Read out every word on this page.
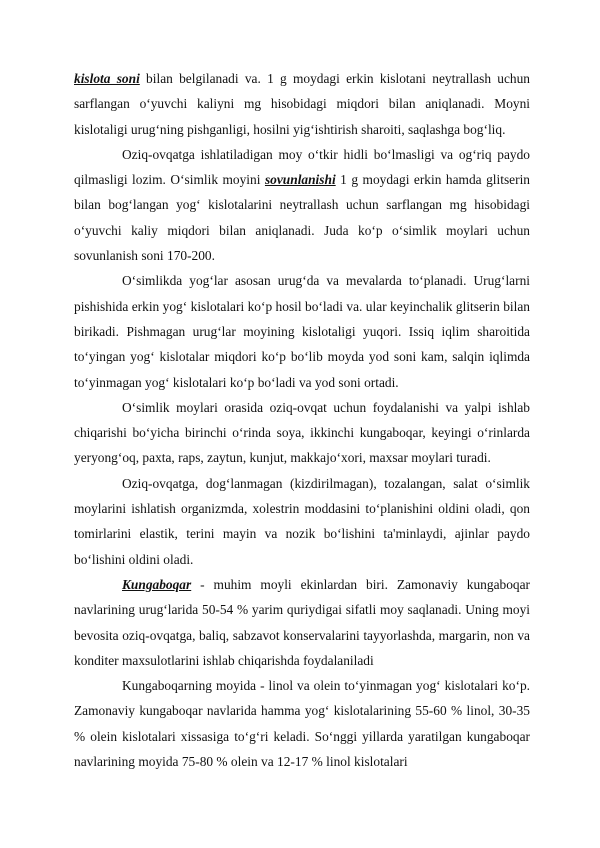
kislota soni bilan belgilanadi va. 1 g moydagi erkin kislotani neytrallash uchun sarflangan o‘yuvchi kaliyni mg hisobidagi miqdori bilan aniqlanadi. Moyni kislotaligi urug‘ning pishganligi, hosilni yig‘ishtirish sharoiti, saqlashga bog‘liq.

Oziq-ovqatga ishlatiladigan moy o‘tkir hidli bo‘lmasligi va og‘riq paydo qilmasligi lozim. O‘simlik moyini sovunlanishi 1 g moydagi erkin hamda glitserin bilan bog‘langan yog‘ kislotalarini neytrallash uchun sarflangan mg hisobidagi o‘yuvchi kaliy miqdori bilan aniqlanadi. Juda ko‘p o‘simlik moylari uchun sovunlanish soni 170-200.

O‘simlikda yog‘lar asosan urug‘da va mevalarda to‘planadi. Urug‘larni pishishida erkin yog‘ kislotalari ko‘p hosil bo‘ladi va. ular keyinchalik glitserin bilan birikadi. Pishmagan urug‘lar moyining kislotaligi yuqori. Issiq iqlim sharoitida to‘yingan yog‘ kislotalar miqdori ko‘p bo‘lib moyda yod soni kam, salqin iqlimda to‘yinmagan yog‘ kislotalari ko‘p bo‘ladi va yod soni ortadi.

O‘simlik moylari orasida oziq-ovqat uchun foydalanishi va yalpi ishlab chiqarishi bo‘yicha birinchi o‘rinda soya, ikkinchi kungaboqar, keyingi o‘rinlarda yeryong‘oq, paxta, raps, zaytun, kunjut, makkajo‘xori, maxsar moylari turadi.

Oziq-ovqatga, dog‘lanmagan (kizdirilmagan), tozalangan, salat o‘simlik moylarini ishlatish organizmda, xolestrin moddasini to‘planishini oldini oladi, qon tomirlarini elastik, terini mayin va nozik bo‘lishini ta'minlaydi, ajinlar paydo bo‘lishini oldini oladi.

Kungaboqar - muhim moyli ekinlardan biri. Zamonaviy kungaboqar navlarining urug‘larida 50-54 % yarim quriydigai sifatli moy saqlanadi. Uning moyi bevosita oziq-ovqatga, baliq, sabzavot konservalarini tayyorlashda, margarin, non va konditer maxsulotlarini ishlab chiqarishda foydalaniladi

Kungaboqarning moyida - linol va olein to‘yinmagan yog‘ kislotalari ko‘p. Zamonaviy kungaboqar navlarida hamma yog‘ kislotalarining 55-60 % linol, 30-35 % olein kislotalari xissasiga to‘g‘ri keladi. So‘nggi yillarda yaratilgan kungaboqar navlarining moyida 75-80 % olein va 12-17 % linol kislotalari
